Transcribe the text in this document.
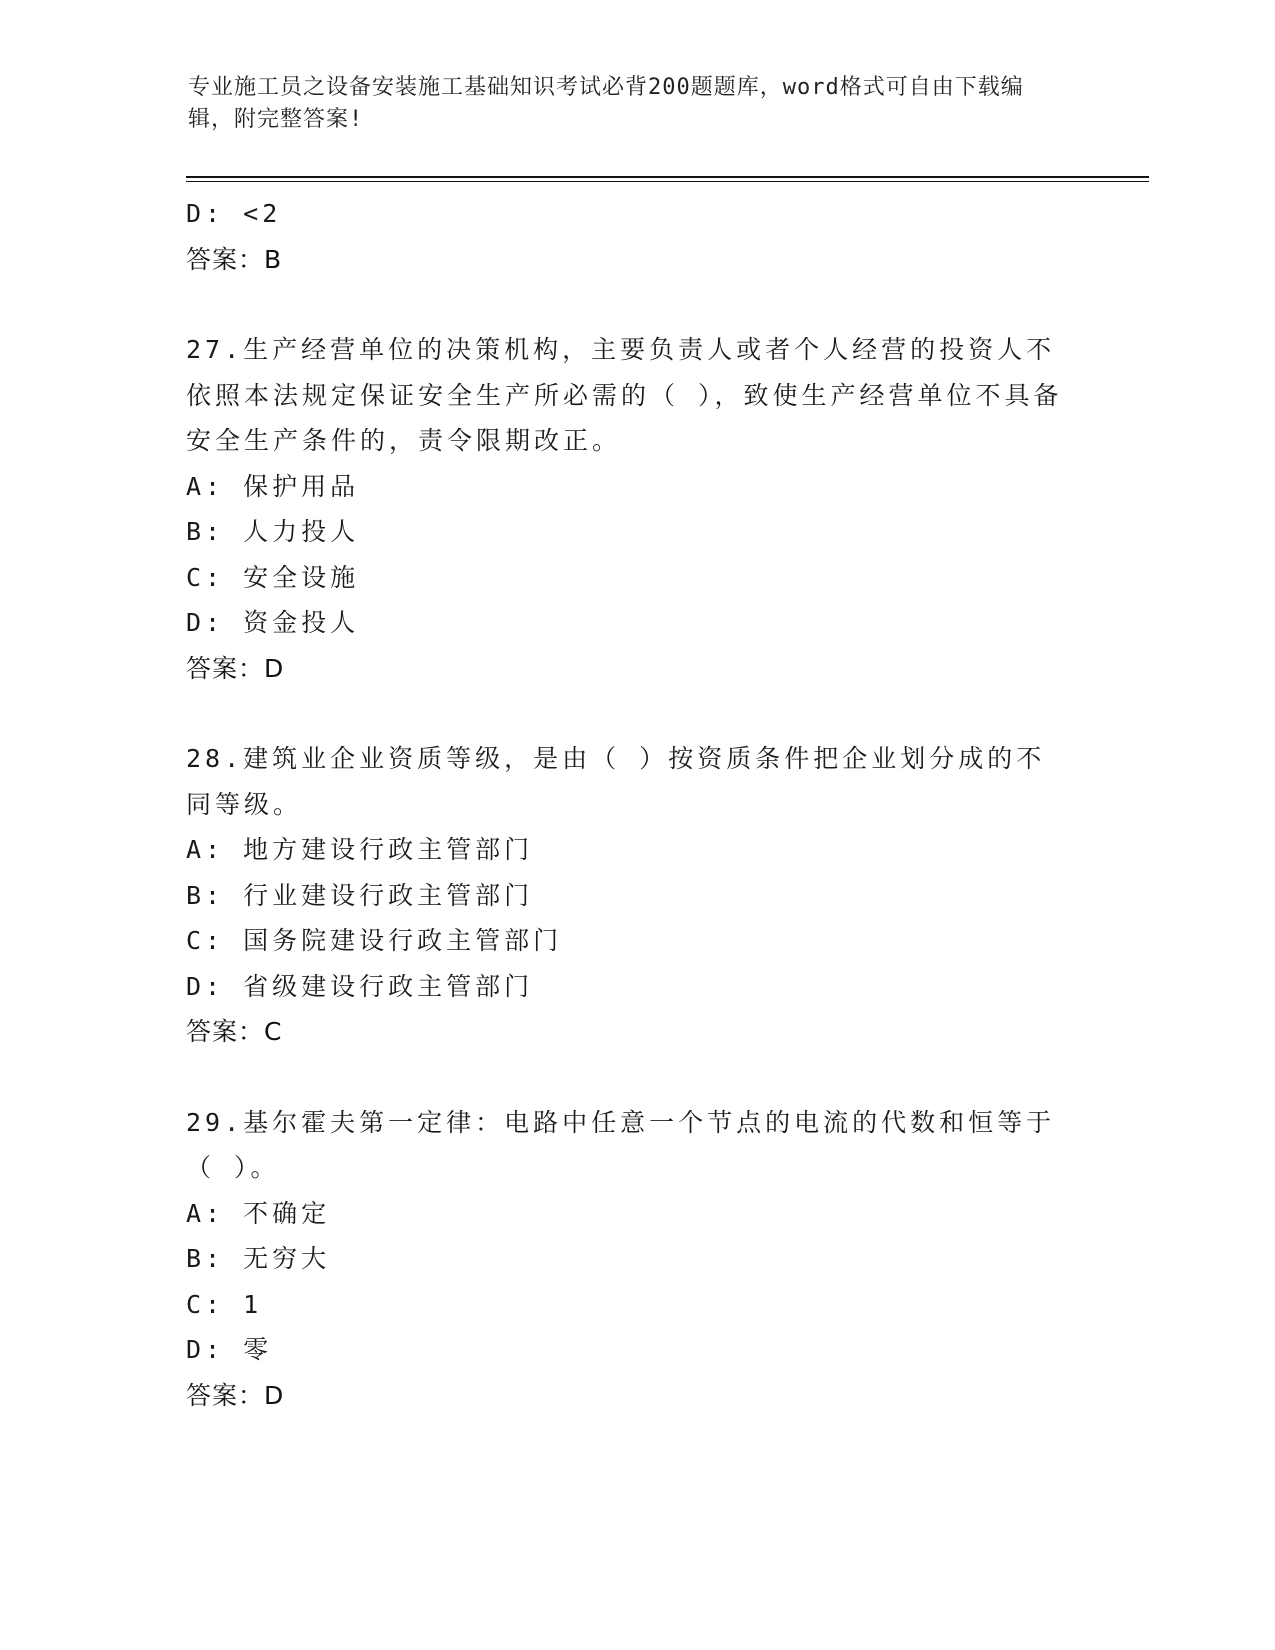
专业施工员之设备安装施工基础知识考试必背200题题库，word格式可自由下载编辑，附完整答案!
D: <2
答案：B
27.生产经营单位的决策机构，主要负责人或者个人经营的投资人不依照本法规定保证安全生产所必需的（ ），致使生产经营单位不具备安全生产条件的，责令限期改正。
A: 保护用品
B: 人力投人
C: 安全设施
D: 资金投人
答案：D
28.建筑业企业资质等级，是由（ ）按资质条件把企业划分成的不同等级。
A: 地方建设行政主管部门
B: 行业建设行政主管部门
C: 国务院建设行政主管部门
D: 省级建设行政主管部门
答案：C
29.基尔霍夫第一定律：电路中任意一个节点的电流的代数和恒等于（ ）。
A: 不确定
B: 无穷大
C: 1
D: 零
答案：D
